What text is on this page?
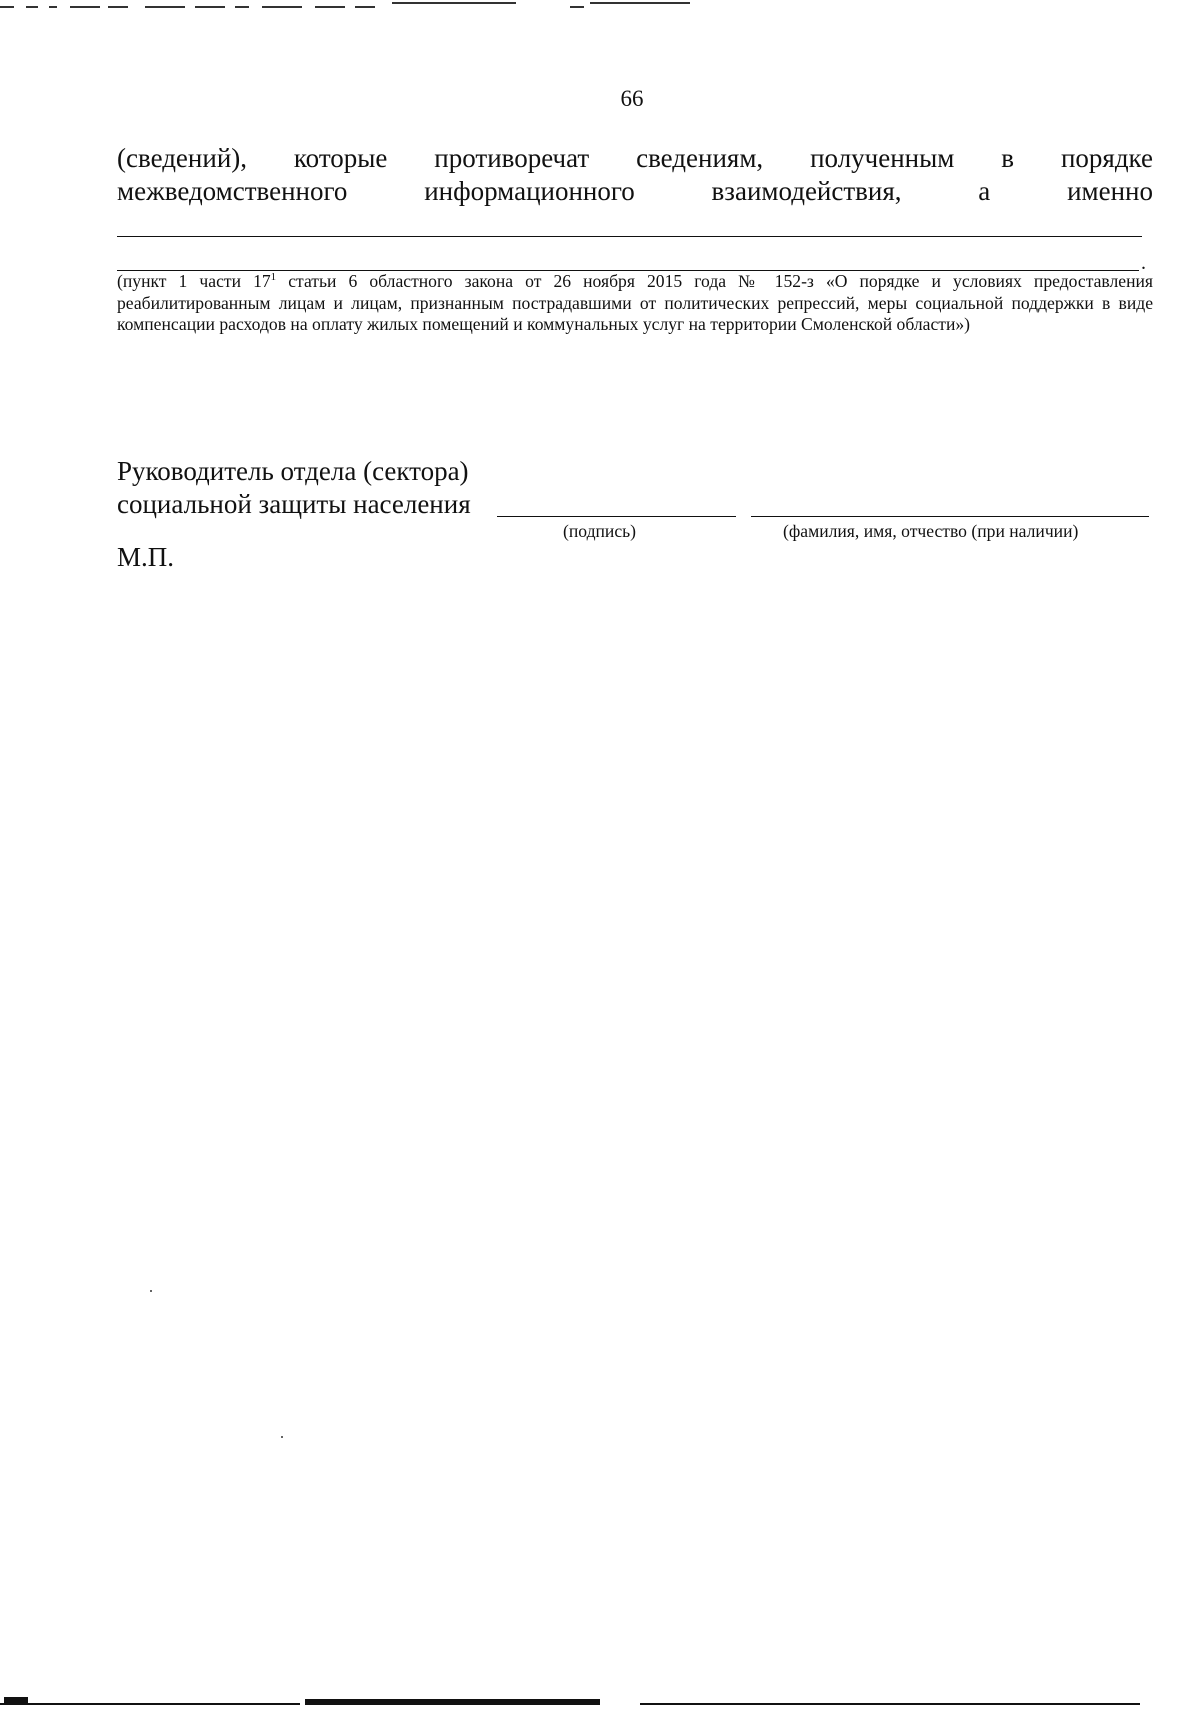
66
(сведений), которые противоречат сведениям, полученным в порядке
межведомственного информационного взаимодействия, а именно
.
(пункт 1 части $17^1$ статьи 6 областного закона от 26 ноября 2015 года № 152-з «О порядке и условиях предоставления реабилитированным лицам и лицам, признанным пострадавшими от политических репрессий, меры социальной поддержки в виде компенсации расходов на оплату жилых помещений и коммунальных услуг на территории Смоленской области»)
Руководитель отдела (сектора)
социальной защиты населения
(подпись)	(фамилия, имя, отчество (при наличии)
М.П.
